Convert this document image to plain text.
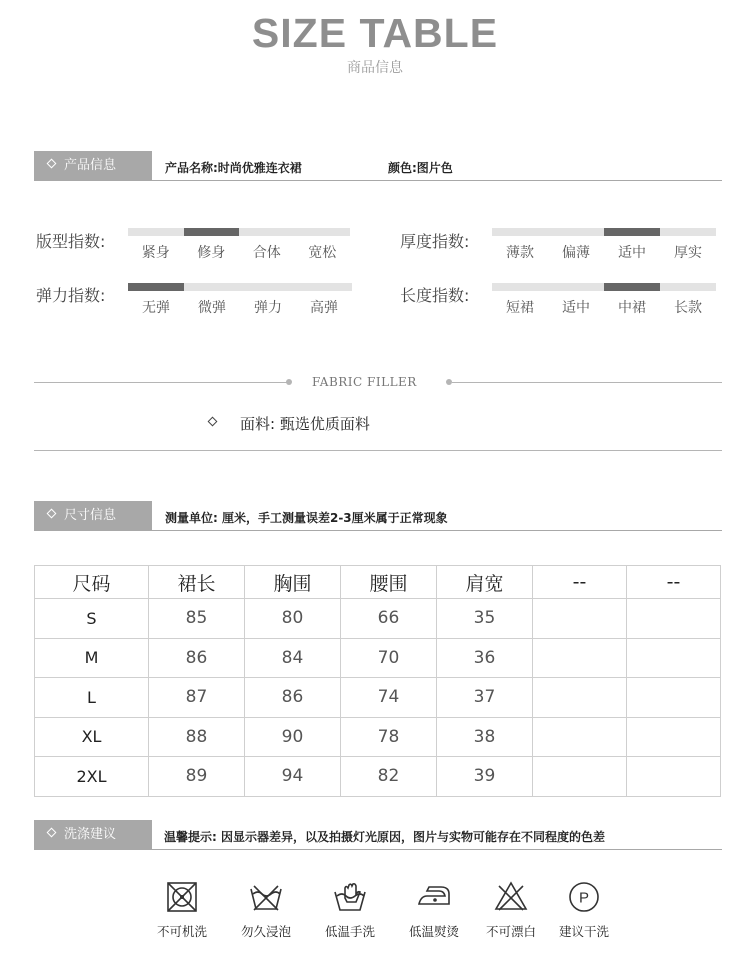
SIZE TABLE
商品信息
产品信息	产品名称:时尚优雅连衣裙	颜色:图片色
版型指数:
紧身	修身	合体	宽松
厚度指数:
薄款	偏薄	适中	厚实
弹力指数:
无弹	微弹	弹力	高弹
长度指数:
短裙	适中	中裙	长款
FABRIC FILLER
面料: 甄选优质面料
尺寸信息	测量单位: 厘米，手工测量误差2-3厘米属于正常现象
尺码	裙长	胸围	腰围	肩宽	--	--
S	85	80	66	35		
M	86	84	70	36		
L	87	86	74	37		
XL	88	90	78	38		
2XL	89	94	82	39		
洗涤建议	温馨提示: 因显示器差异，以及拍摄灯光原因，图片与实物可能存在不同程度的色差
不可机洗	勿久浸泡	低温手洗	低温熨烫	不可漂白
P
建议干洗
